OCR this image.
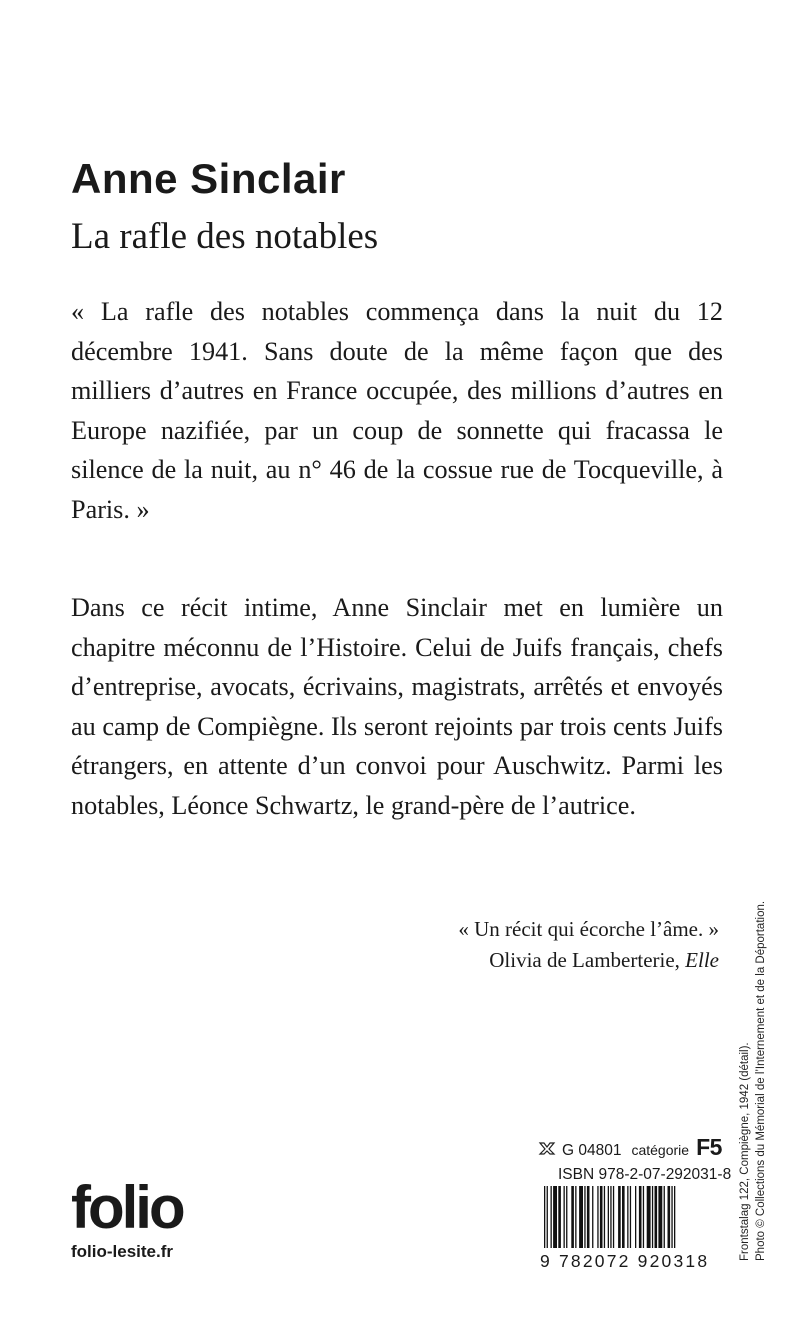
Anne Sinclair
La rafle des notables

« La rafle des notables commença dans la nuit du 12 décembre 1941. Sans doute de la même façon que des milliers d’autres en France occupée, des millions d’autres en Europe nazifiée, par un coup de sonnette qui fracassa le silence de la nuit, au n° 46 de la cossue rue de Tocqueville, à Paris. »

Dans ce récit intime, Anne Sinclair met en lumière un chapitre méconnu de l’Histoire. Celui de Juifs français, chefs d’entreprise, avocats, écrivains, magistrats, arrêtés et envoyés au camp de Compiègne. Ils seront rejoints par trois cents Juifs étrangers, en attente d’un convoi pour Auschwitz. Parmi les notables, Léonce Schwartz, le grand-père de l’autrice.

« Un récit qui écorche l’âme. »
Olivia de Lamberterie, Elle
Frontstalag 122, Compiègne, 1942 (détail). Photo © Collections du Mémorial de l’Internement et de la Déportation.
folio
folio-lesite.fr
G 04801 catégorie F5
ISBN 978-2-07-292031-8
9 782072 920318
